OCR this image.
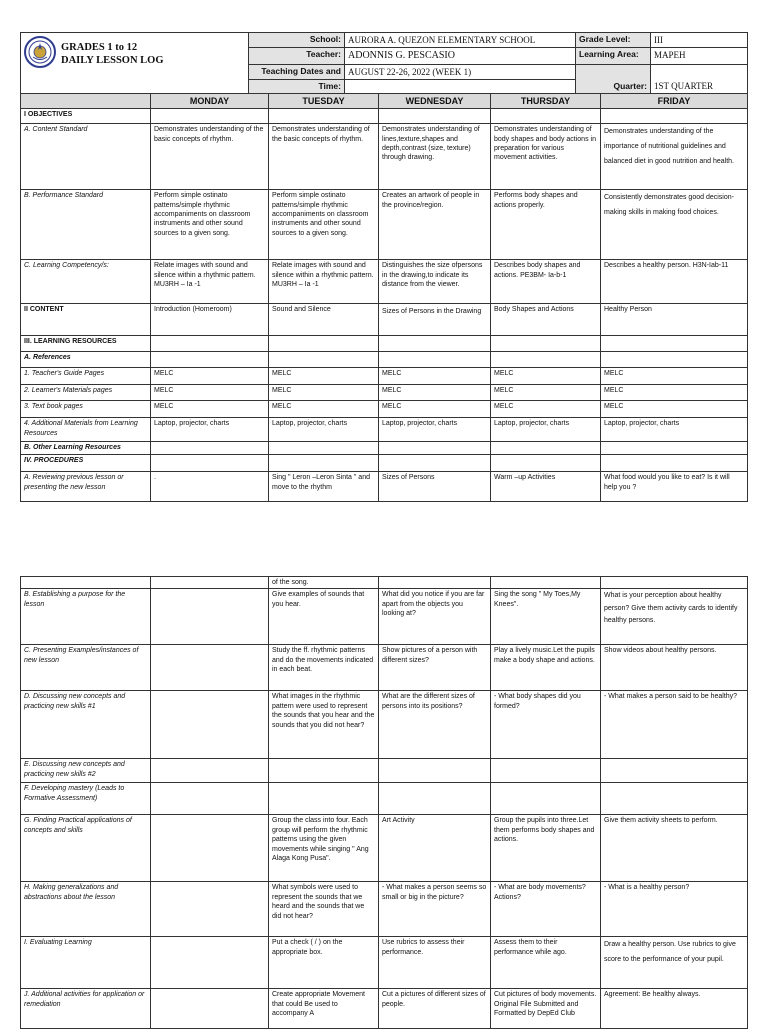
GRADES 1 to 12
DAILY LESSON LOG	School:	AURORA A. QUEZON ELEMENTARY SCHOOL	Grade Level:	III
	Teacher:	ADONNIS G. PESCASIO	Learning Area:	MAPEH
	Teaching Dates and	AUGUST 22-26, 2022 (WEEK 1)	Quarter:	1ST QUARTER
	Time:			
	MONDAY	TUESDAY	WEDNESDAY	THURSDAY	FRIDAY
I OBJECTIVES					
A. Content Standard	Demonstrates understanding of the basic concepts of rhythm.	Demonstrates understanding of the basic concepts of rhythm.	Demonstrates understanding of lines,texture,shapes and depth,contrast (size, texture) through drawing.	Demonstrates understanding of body shapes and body actions in preparation for various movement activities.	Demonstrates understanding of the importance of nutritional guidelines and balanced diet in good nutrition and health.
B. Performance Standard	Perform simple ostinato patterns/simple rhythmic accompaniments on classroom instruments and other sound sources to a given song.	Perform simple ostinato patterns/simple rhythmic accompaniments on classroom instruments and other sound sources to a given song.	Creates an artwork of people in the province/region.	Performs body shapes and actions properly.	Consistently demonstrates good decision-making skills in making food choices.
C. Learning Competency/s:	Relate images with sound and silence within a rhythmic pattern. MU3RH – Ia -1	Relate images with sound and silence within a rhythmic pattern. MU3RH – Ia -1	Distinguishes the size ofpersons in the drawing,to indicate its distance from the viewer.	Describes body shapes and actions. PE3BM- Ia-b-1	Describes a healthy person. H3N-Iab-11
II CONTENT	Introduction (Homeroom)	Sound and Silence	Sizes of Persons in the Drawing	Body Shapes and Actions	Healthy Person
III. LEARNING RESOURCES					
A. References					
1. Teacher's Guide Pages	MELC	MELC	MELC	MELC	MELC
2. Learner's Materials pages	MELC	MELC	MELC	MELC	MELC
3. Text book pages	MELC	MELC	MELC	MELC	MELC
4. Additional Materials from Learning Resources	Laptop, projector, charts	Laptop, projector, charts	Laptop, projector, charts	Laptop, projector, charts	Laptop, projector, charts
B. Other Learning Resources					
IV. PROCEDURES					
A. Reviewing previous lesson or presenting the new lesson	.	Sing " Leron –Leron Sinta " and move to the rhythm	Sizes of Persons	Warm –up Activities	What food would you like to eat? Is it will help you ?
		of the song.			
B. Establishing a purpose for the lesson		Give examples of sounds that you hear.	What did you notice if you are far apart from the objects you looking at?	Sing the song " My Toes,My Knees".	What is your perception about healthy person? Give them activity cards to identify healthy persons.
C. Presenting Examples/instances of new lesson		Study the ff. rhythmic patterns and do the movements indicated in each beat.	Show pictures of a person with different sizes?	Play a lively music.Let the pupils make a body shape and actions.	Show videos about healthy persons.
D. Discussing new concepts and practicing new skills #1		What images in the rhythmic pattern were used to represent the sounds that you hear and the sounds that you did not hear?	What are the different sizes of persons into its positions?	- What body shapes did you formed?	- What makes a person said to be healthy?
E. Discussing new concepts and practicing new skills #2					
F. Developing mastery (Leads to Formative Assessment)					
G. Finding Practical applications of concepts and skills		Group the class into four. Each group will perform the rhythmic patterns using the given movements while singing " Ang Alaga Kong Pusa".	Art Activity	Group the pupils into three.Let them performs body shapes and actions.	Give them activity sheets to perform.
H. Making generalizations and abstractions about the lesson		What symbols were used to represent the sounds that we heard and the sounds that we did not hear?	- What makes a person seems so small or big in the picture?	- What are body movements?Actions?	- What is a healthy person?
I. Evaluating Learning		Put a check ( / ) on the appropriate box.	Use rubrics to assess their performance.	Assess them to their performance while ago.	Draw a healthy person. Use rubrics to give score to the performance of your pupil.
J. Additional activities for application or remediation		Create appropriate Movement that could Be used to accompany A	Cut a pictures of different sizes of people.	Cut pictures of body movements. Original File Submitted and Formatted by DepEd Club	Agreement: Be healthy always.
